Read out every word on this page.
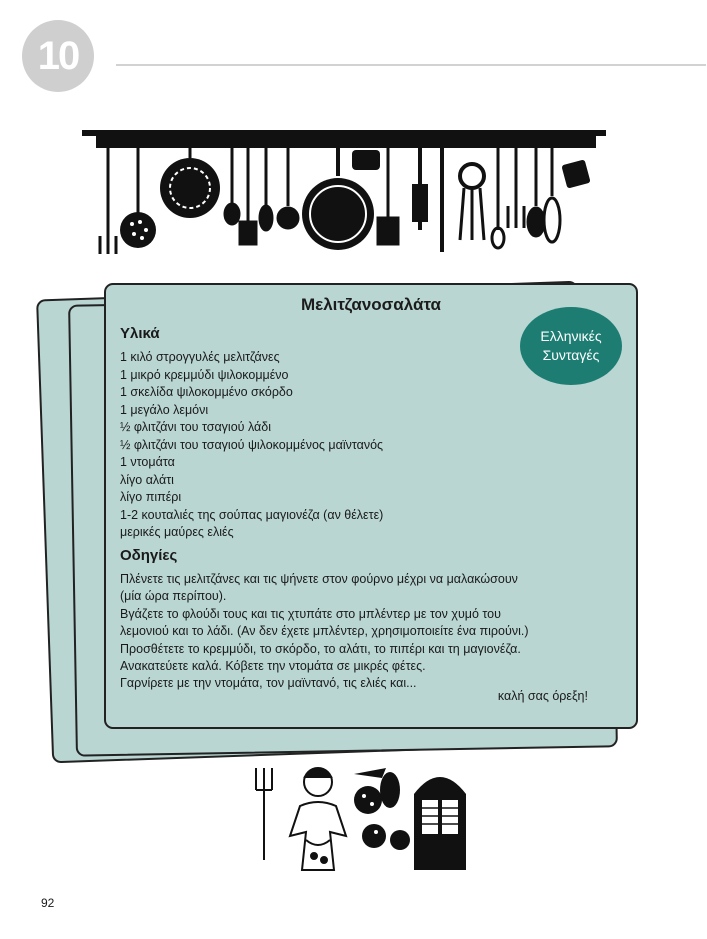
10
Μελιτζανοσαλάτα
Ελληνικές
Συνταγές
Υλικά
1 κιλό στρογγυλές μελιτζάνες
1 μικρό κρεμμύδι ψιλοκομμένο
1 σκελίδα ψιλοκομμένο σκόρδο
1 μεγάλο λεμόνι
½ φλιτζάνι του τσαγιού λάδι
½ φλιτζάνι του τσαγιού ψιλοκομμένος μαϊντανός
1 ντομάτα
λίγο αλάτι
λίγο πιπέρι
1-2 κουταλιές της σούπας μαγιονέζα (αν θέλετε)
μερικές μαύρες ελιές
Οδηγίες
Πλένετε τις μελιτζάνες και τις ψήνετε στον φούρνο μέχρι να μαλακώσουν
(μία ώρα περίπου).
Βγάζετε το φλούδι τους και τις χτυπάτε στο μπλέντερ με τον χυμό του
λεμονιού και το λάδι. (Αν δεν έχετε μπλέντερ, χρησιμοποιείτε ένα πιρούνι.)
Προσθέτετε το κρεμμύδι, το σκόρδο, το αλάτι, το πιπέρι και τη μαγιονέζα.
Ανακατεύετε καλά. Κόβετε την ντομάτα σε μικρές φέτες.
Γαρνίρετε με την ντομάτα, τον μαϊντανό, τις ελιές και...
καλή σας όρεξη!
92
